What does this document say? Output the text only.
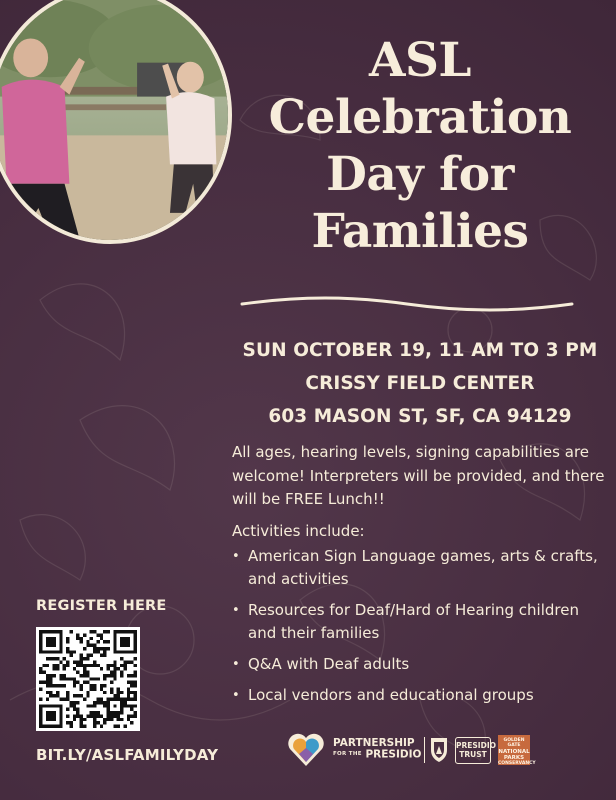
ASL
Celebration
Day for
Families
SUN OCTOBER 19, 11 AM TO 3 PM
CRISSY FIELD CENTER
603 MASON ST, SF, CA 94129

All ages, hearing levels, signing capabilities are welcome! Interpreters will be provided, and there will be FREE Lunch!!

Activities include:

• American Sign Language games, arts & crafts, and activities
• Resources for Deaf/Hard of Hearing children and their families
• Q&A with Deaf adults
• Local vendors and educational groups
REGISTER HERE
BIT.LY/ASLFAMILYDAY
PARTNERSHIP
FOR THE PRESIDIO
PRESIDIO
TRUST
GOLDEN GATE
NATIONAL
PARKS
CONSERVANCY
